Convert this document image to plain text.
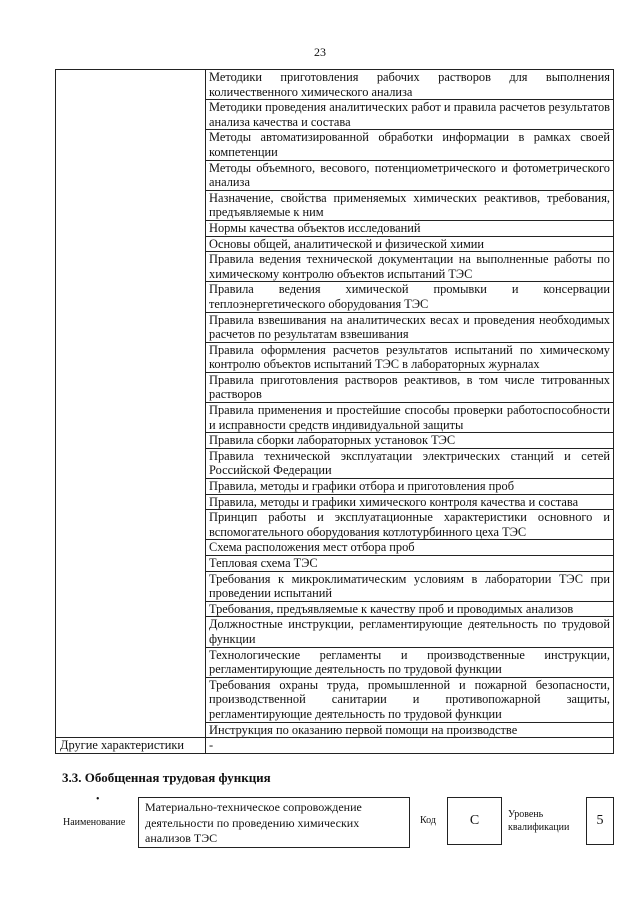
23
	Методики приготовления рабочих растворов для выполнения количественного химического анализа
	Методики проведения аналитических работ и правила расчетов результатов анализа качества и состава
	Методы автоматизированной обработки информации в рамках своей компетенции
	Методы объемного, весового, потенциометрического и фотометрического анализа
	Назначение, свойства применяемых химических реактивов, требования, предъявляемые к ним
	Нормы качества объектов исследований
	Основы общей, аналитической и физической химии
	Правила ведения технической документации на выполненные работы по химическому контролю объектов испытаний ТЭС
	Правила ведения химической промывки и консервации теплоэнергетического оборудования ТЭС
	Правила взвешивания на аналитических весах и проведения необходимых расчетов по результатам взвешивания
	Правила оформления расчетов результатов испытаний по химическому контролю объектов испытаний ТЭС в лабораторных журналах
	Правила приготовления растворов реактивов, в том числе титрованных растворов
	Правила применения и простейшие способы проверки работоспособности и исправности средств индивидуальной защиты
	Правила сборки лабораторных установок ТЭС
	Правила технической эксплуатации электрических станций и сетей Российской Федерации
	Правила, методы и графики отбора и приготовления проб
	Правила, методы и графики химического контроля качества и состава
	Принцип работы и эксплуатационные характеристики основного и вспомогательного оборудования котлотурбинного цеха ТЭС
	Схема расположения мест отбора проб
	Тепловая схема ТЭС
	Требования к микроклиматическим условиям в лаборатории ТЭС при проведении испытаний
	Требования, предъявляемые к качеству проб и проводимых анализов
	Должностные инструкции, регламентирующие деятельность по трудовой функции
	Технологические регламенты и производственные инструкции, регламентирующие деятельность по трудовой функции
	Требования охраны труда, промышленной и пожарной безопасности, производственной санитарии и противопожарной защиты, регламентирующие деятельность по трудовой функции
	Инструкция по оказанию первой помощи на производстве
Другие характеристики	-
3.3. Обобщенная трудовая функция
•
Наименование
Материально-техническое сопровождение деятельности по проведению химических анализов ТЭС
Код	C	Уровень квалификации	5
